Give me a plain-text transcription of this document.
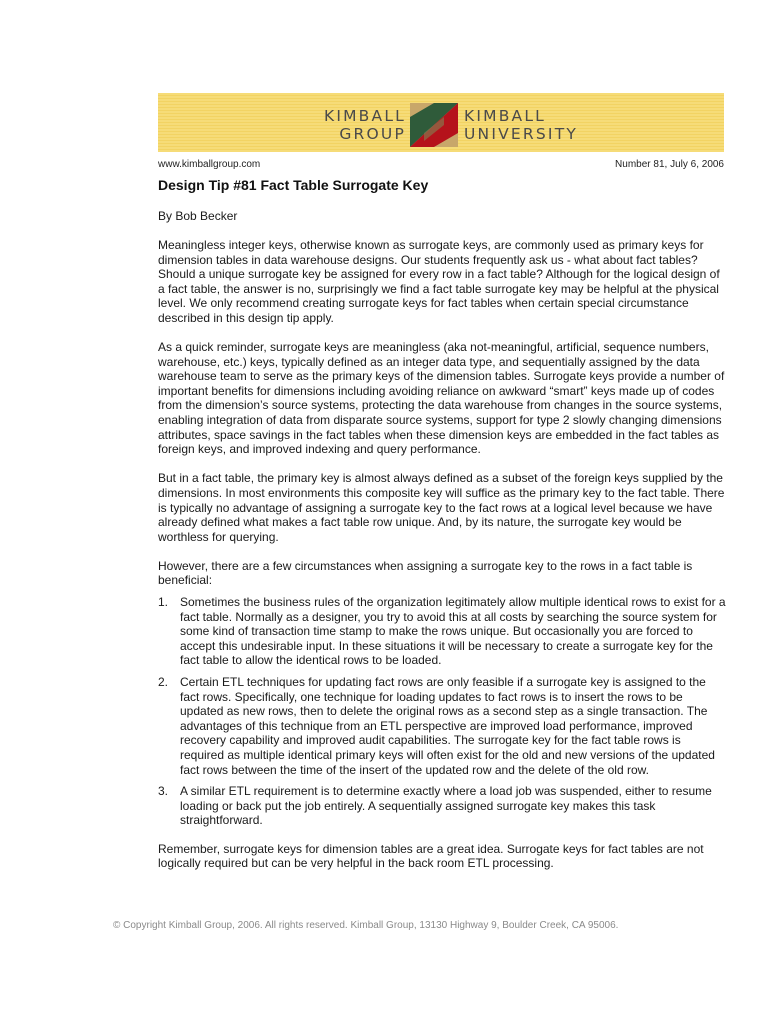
KIMBALL
GROUP
KIMBALL
UNIVERSITY
www.kimballgroup.com	Number 81, July 6, 2006
Design Tip #81 Fact Table Surrogate Key
By Bob Becker

Meaningless integer keys, otherwise known as surrogate keys, are commonly used as primary keys for dimension tables in data warehouse designs. Our students frequently ask us - what about fact tables? Should a unique surrogate key be assigned for every row in a fact table? Although for the logical design of a fact table, the answer is no, surprisingly we find a fact table surrogate key may be helpful at the physical level. We only recommend creating surrogate keys for fact tables when certain special circumstance described in this design tip apply.

As a quick reminder, surrogate keys are meaningless (aka not-meaningful, artificial, sequence numbers, warehouse, etc.) keys, typically defined as an integer data type, and sequentially assigned by the data warehouse team to serve as the primary keys of the dimension tables. Surrogate keys provide a number of important benefits for dimensions including avoiding reliance on awkward “smart” keys made up of codes from the dimension’s source systems, protecting the data warehouse from changes in the source systems, enabling integration of data from disparate source systems, support for type 2 slowly changing dimensions attributes, space savings in the fact tables when these dimension keys are embedded in the fact tables as foreign keys, and improved indexing and query performance.

But in a fact table, the primary key is almost always defined as a subset of the foreign keys supplied by the dimensions. In most environments this composite key will suffice as the primary key to the fact table. There is typically no advantage of assigning a surrogate key to the fact rows at a logical level because we have already defined what makes a fact table row unique. And, by its nature, the surrogate key would be worthless for querying.

However, there are a few circumstances when assigning a surrogate key to the rows in a fact table is beneficial:

1. Sometimes the business rules of the organization legitimately allow multiple identical rows to exist for a fact table. Normally as a designer, you try to avoid this at all costs by searching the source system for some kind of transaction time stamp to make the rows unique. But occasionally you are forced to accept this undesirable input. In these situations it will be necessary to create a surrogate key for the fact table to allow the identical rows to be loaded.
2. Certain ETL techniques for updating fact rows are only feasible if a surrogate key is assigned to the fact rows. Specifically, one technique for loading updates to fact rows is to insert the rows to be updated as new rows, then to delete the original rows as a second step as a single transaction. The advantages of this technique from an ETL perspective are improved load performance, improved recovery capability and improved audit capabilities. The surrogate key for the fact table rows is required as multiple identical primary keys will often exist for the old and new versions of the updated fact rows between the time of the insert of the updated row and the delete of the old row.
3. A similar ETL requirement is to determine exactly where a load job was suspended, either to resume loading or back put the job entirely. A sequentially assigned surrogate key makes this task straightforward.

Remember, surrogate keys for dimension tables are a great idea. Surrogate keys for fact tables are not logically required but can be very helpful in the back room ETL processing.

© Copyright Kimball Group, 2006. All rights reserved. Kimball Group, 13130 Highway 9, Boulder Creek, CA 95006.
